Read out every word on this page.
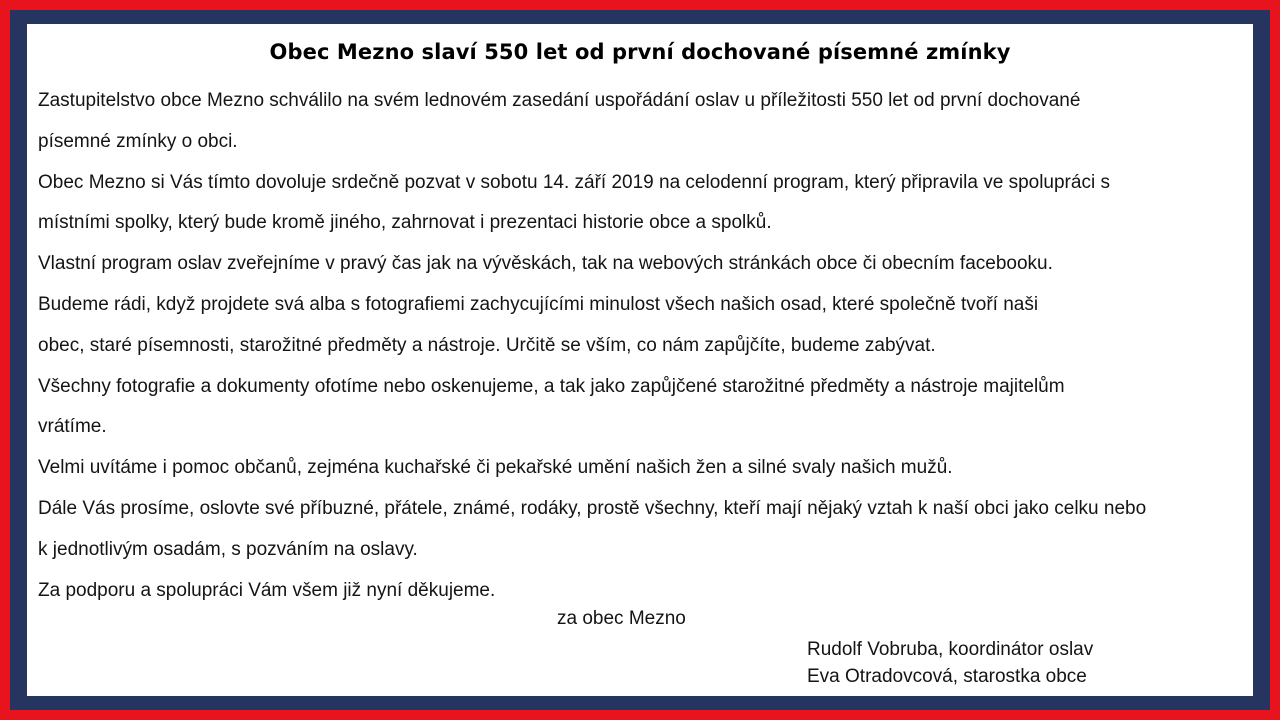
Obec Mezno slaví 550 let od první dochované písemné zmínky
Zastupitelstvo obce Mezno schválilo na svém lednovém zasedání uspořádání oslav u příležitosti 550 let od první dochované
písemné zmínky o obci.
Obec Mezno si Vás tímto dovoluje srdečně pozvat v sobotu 14. září 2019 na celodenní program, který připravila ve spolupráci s
místními spolky, který bude kromě jiného, zahrnovat i prezentaci historie obce a spolků.
Vlastní program oslav zveřejníme v pravý čas jak na vývěskách, tak na webových stránkách obce či obecním facebooku.
Budeme rádi, když projdete svá alba s fotografiemi zachycujícími minulost všech našich osad, které společně tvoří naši
obec, staré písemnosti, starožitné předměty a nástroje. Určitě se vším, co nám zapůjčíte, budeme zabývat.
Všechny fotografie a dokumenty ofotíme nebo oskenujeme, a tak jako zapůjčené starožitné předměty a nástroje majitelům
vrátíme.
Velmi uvítáme i pomoc občanů, zejména kuchařské či pekařské umění našich žen a silné svaly našich mužů.
Dále Vás prosíme, oslovte své příbuzné, přátele, známé, rodáky, prostě všechny, kteří mají nějaký vztah k naší obci jako celku nebo
k jednotlivým osadám, s pozváním na oslavy.
Za podporu a spolupráci Vám všem již nyní děkujeme.
za obec Mezno
Rudolf Vobruba, koordinátor oslav
Eva Otradovcová, starostka obce
